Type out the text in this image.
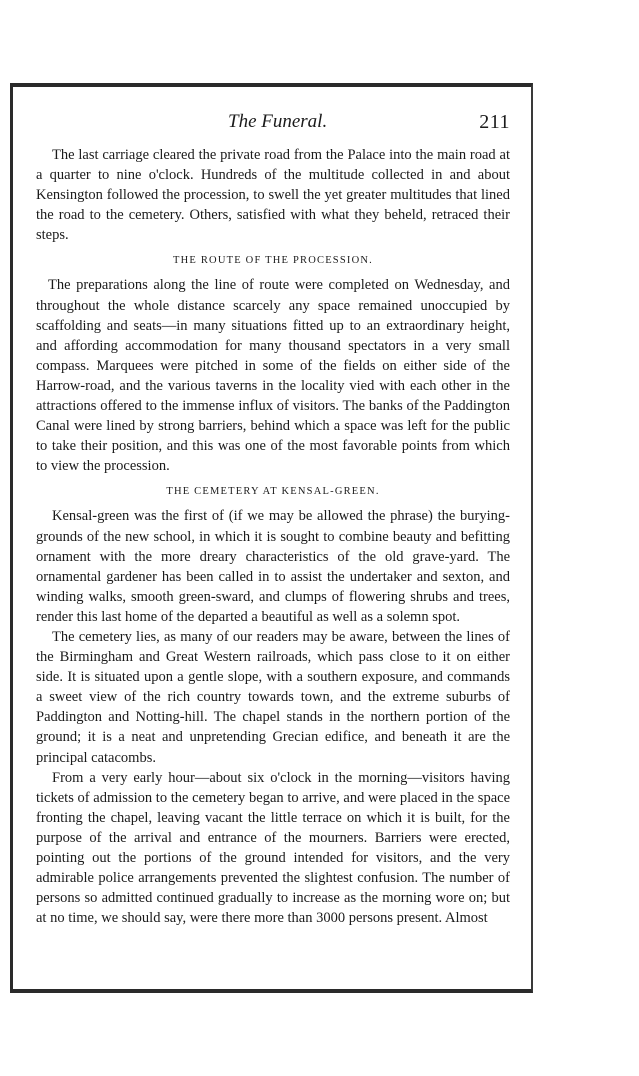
The Funeral.	211

The last carriage cleared the private road from the Palace into the main road at a quarter to nine o'clock. Hundreds of the multitude collected in and about Kensington followed the procession, to swell the yet greater multitudes that lined the road to the cemetery. Others, satisfied with what they beheld, retraced their steps.

THE ROUTE OF THE PROCESSION.

The preparations along the line of route were completed on Wednesday, and throughout the whole distance scarcely any space remained unoccupied by scaffolding and seats—in many situations fitted up to an extraordinary height, and affording accommodation for many thousand spectators in a very small compass. Marquees were pitched in some of the fields on either side of the Harrow-road, and the various taverns in the locality vied with each other in the attractions offered to the immense influx of visitors. The banks of the Paddington Canal were lined by strong barriers, behind which a space was left for the public to take their position, and this was one of the most favorable points from which to view the procession.

THE CEMETERY AT KENSAL-GREEN.

Kensal-green was the first of (if we may be allowed the phrase) the burying-grounds of the new school, in which it is sought to combine beauty and befitting ornament with the more dreary characteristics of the old grave-yard. The ornamental gardener has been called in to assist the undertaker and sexton, and winding walks, smooth green-sward, and clumps of flowering shrubs and trees, render this last home of the departed a beautiful as well as a solemn spot.

The cemetery lies, as many of our readers may be aware, between the lines of the Birmingham and Great Western railroads, which pass close to it on either side. It is situated upon a gentle slope, with a southern exposure, and commands a sweet view of the rich country towards town, and the extreme suburbs of Paddington and Notting-hill. The chapel stands in the northern portion of the ground; it is a neat and unpretending Grecian edifice, and beneath it are the principal catacombs.

From a very early hour—about six o'clock in the morning—visitors having tickets of admission to the cemetery began to arrive, and were placed in the space fronting the chapel, leaving vacant the little terrace on which it is built, for the purpose of the arrival and entrance of the mourners. Barriers were erected, pointing out the portions of the ground intended for visitors, and the very admirable police arrangements prevented the slightest confusion. The number of persons so admitted continued gradually to increase as the morning wore on; but at no time, we should say, were there more than 3000 persons present. Almost
